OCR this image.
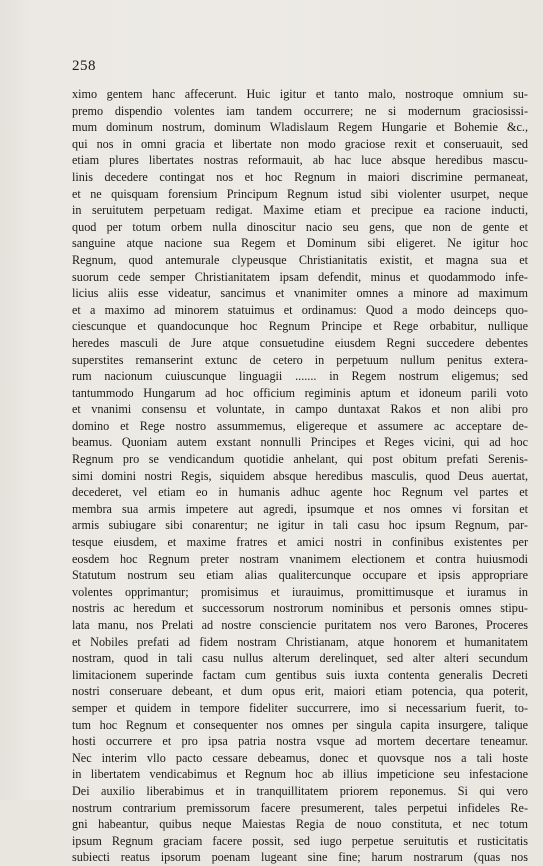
258
ximo gentem hanc affecerunt. Huic igitur et tanto malo, nostroque omnium su-
premo dispendio volentes iam tandem occurrere; ne si modernum graciosissi-
mum dominum nostrum, dominum Wladislaum Regem Hungarie et Bohemie &c.,
qui nos in omni gracia et libertate non modo graciose rexit et conseruauit, sed
etiam plures libertates nostras reformauit, ab hac luce absque heredibus mascu-
linis decedere contingat nos et hoc Regnum in maiori discrimine permaneat,
et ne quisquam forensium Principum Regnum istud sibi violenter usurpet, neque
in seruitutem perpetuam redigat. Maxime etiam et precipue ea racione inducti,
quod per totum orbem nulla dinoscitur nacio seu gens, que non de gente et
sanguine atque nacione sua Regem et Dominum sibi eligeret. Ne igitur hoc
Regnum, quod antemurale clypeusque Christianitatis existit, et magna sua et
suorum cede semper Christianitatem ipsam defendit, minus et quodammodo infe-
licius aliis esse videatur, sancimus et vnanimiter omnes a minore ad maximum
et a maximo ad minorem statuimus et ordinamus: Quod a modo deinceps quo-
ciescunque et quandocunque hoc Regnum Principe et Rege orbabitur, nullique
heredes masculi de Jure atque consuetudine eiusdem Regni succedere debentes
superstites remanserint extunc de cetero in perpetuum nullum penitus extera-
rum nacionum cuiuscunque linguagii ....... in Regem nostrum eligemus; sed
tantummodo Hungarum ad hoc officium regiminis aptum et idoneum parili voto
et vnanimi consensu et voluntate, in campo duntaxat Rakos et non alibi pro
domino et Rege nostro assummemus, eligereque et assumere ac acceptare de-
beamus. Quoniam autem exstant nonnulli Principes et Reges vicini, qui ad hoc
Regnum pro se vendicandum quotidie anhelant, qui post obitum prefati Serenis-
simi domini nostri Regis, siquidem absque heredibus masculis, quod Deus auertat,
decederet, vel etiam eo in humanis adhuc agente hoc Regnum vel partes et
membra sua armis impetere aut agredi, ipsumque et nos omnes vi forsitan et
armis subiugare sibi conarentur; ne igitur in tali casu hoc ipsum Regnum, par-
tesque eiusdem, et maxime fratres et amici nostri in confinibus existentes per
eosdem hoc Regnum preter nostram vnanimem electionem et contra huiusmodi
Statutum nostrum seu etiam alias qualitercunque occupare et ipsis appropriare
volentes opprimantur; promisimus et iurauimus, promittimusque et iuramus in
nostris ac heredum et successorum nostrorum nominibus et personis omnes stipu-
lata manu, nos Prelati ad nostre consciencie puritatem nos vero Barones, Proceres
et Nobiles prefati ad fidem nostram Christianam, atque honorem et humanitatem
nostram, quod in tali casu nullus alterum derelinquet, sed alter alteri secundum
limitacionem superinde factam cum gentibus suis iuxta contenta generalis Decreti
nostri conseruare debeant, et dum opus erit, maiori etiam potencia, qua poterit,
semper et quidem in tempore fideliter succurrere, imo si necessarium fuerit, to-
tum hoc Regnum et consequenter nos omnes per singula capita insurgere, talique
hosti occurrere et pro ipsa patria nostra vsque ad mortem decertare teneamur.
Nec interim vllo pacto cessare debeamus, donec et quovsque nos a tali hoste
in libertatem vendicabimus et Regnum hoc ab illius impeticione seu infestacione
Dei auxilio liberabimus et in tranquillitatem priorem reponemus. Si qui vero
nostrum contrarium premissorum facere presumerent, tales perpetui infideles Re-
gni habeantur, quibus neque Maiestas Regia de nouo constituta, et nec totum
ipsum Regnum graciam facere possit, sed iugo perpetue seruitutis et rusticitatis
subiecti reatus ipsorum poenam lugeant sine fine; harum nostrarum (quas nos
